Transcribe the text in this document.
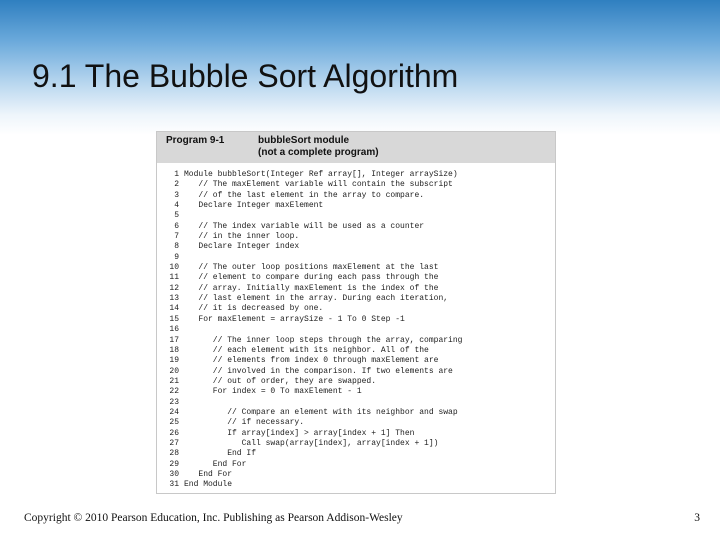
9.1 The Bubble Sort Algorithm
Program 9-1	bubbleSort module
(not a complete program)
1 Module bubbleSort(Integer Ref array[], Integer arraySize)
2 // The maxElement variable will contain the subscript
3 // of the last element in the array to compare.
4 Declare Integer maxElement
5
6 // The index variable will be used as a counter
7 // in the inner loop.
8 Declare Integer index
9
10 // The outer loop positions maxElement at the last
11 // element to compare during each pass through the
12 // array. Initially maxElement is the index of the
13 // last element in the array. During each iteration,
14 // it is decreased by one.
15 For maxElement = arraySize - 1 To 0 Step -1
16
17 // The inner loop steps through the array, comparing
18 // each element with its neighbor. All of the
19 // elements from index 0 through maxElement are
20 // involved in the comparison. If two elements are
21 // out of order, they are swapped.
22 For index = 0 To maxElement - 1
23
24 // Compare an element with its neighbor and swap
25 // if necessary.
26 If array[index] > array[index + 1] Then
27 Call swap(array[index], array[index + 1])
28 End If
29 End For
30 End For
31 End Module
Copyright © 2010 Pearson Education, Inc. Publishing as Pearson Addison-Wesley	3
